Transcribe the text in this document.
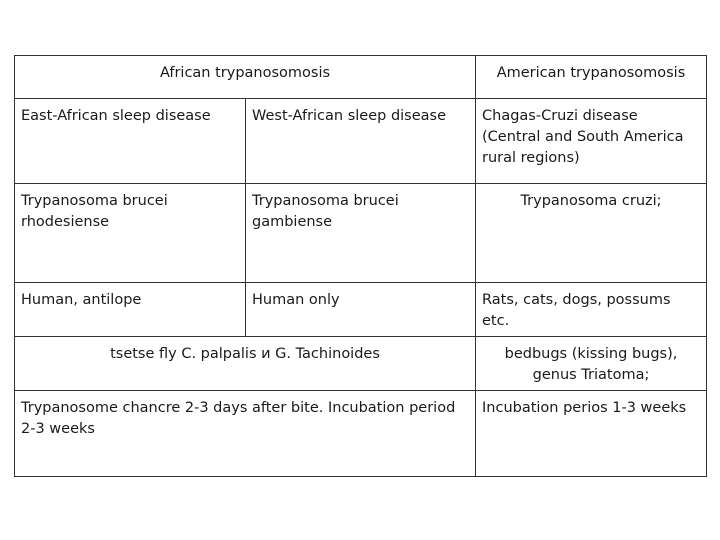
African trypanosomosis		American trypanosomosis
East-African sleep disease	West-African sleep disease	Chagas-Cruzi disease (Central and South America rural regions)
Trypanosoma brucei rhodesiense	Trypanosoma brucei gambiense	Trypanosoma cruzi;
Human, antilope	Human only	Rats, cats, dogs, possums etc.
tsetse fly C. palpalis и G. Tachinoides		bedbugs (kissing bugs), genus Triatoma;
Trypanosome chancre 2-3 days after bite. Incubation period 2-3 weeks		Incubation perios 1-3 weeks
